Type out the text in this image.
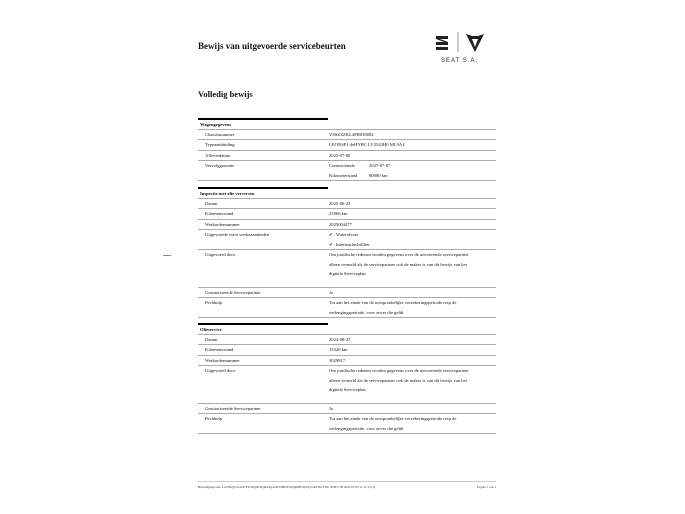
Bewijs van uitgevoerde servicebeurten
SEAT S.A.
Volledig bewijs
Wagengegevens
Chassisnummer	VSSZZZKL4PR030082
Typeaanduiding	LEONSP1.4eHYBC LV2543H0 ML9A4
Afleverdatum	2023-07-08
Vervolggarantie	Contracteinde	2027-07-07
Kilometerstand	80000 km
Inspectie met olie verversen
Datum	2025-06-23
Kilometerstand	23966 km
Werkordernummer	2025004477
Uitgevoerde extra werkzaamheden	✔ Waterafvoer
✔ Interieurluchtfilter
Uitgevoerd door	Om juridische redenen worden gegevens over de uitvoerende servicepartner
alleen vermeld als de servicepartner ook de maker is van dit bewijs van het
digitale Serviceplan.
Geautoriseerde Servicepartner	Ja
Pechhulp	Tot aan het einde van de oorspronkelijke verzekeringsperiode resp de
verlengingsperiode, voor zover die geldt
Olieservice
Datum	2024-08-27
Kilometerstand	15326 km
Werkordernummer	3029817
Uitgevoerd door	Om juridische redenen worden gegevens over de uitvoerende servicepartner
alleen vermeld als de servicepartner ook de maker is van dit bewijs van het
digitale Serviceplan.
Geautoriseerde Servicepartner	Ja
Pechhulp	Tot aan het einde van de oorspronkelijke verzekeringsperiode resp de
verlengingsperiode, voor zover die geldt
Bevestigingscode: LeO502jycvLnt47FTvmQ5KxIgRAXgAvDT/IBDYvmQKBfP4jO5jvTuuFIGvTWo 3038711B 2025-07-03 11:11:13 (3)	Pagina 1 van 1
